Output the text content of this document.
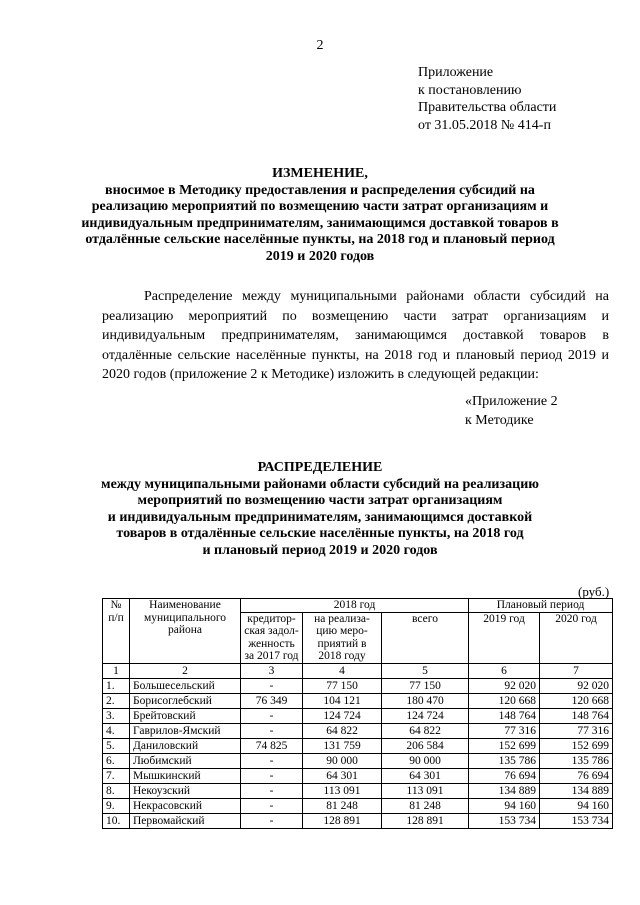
2
Приложение
к постановлению
Правительства области
от 31.05.2018 № 414-п
ИЗМЕНЕНИЕ,
вносимое в Методику предоставления и распределения субсидий на
реализацию мероприятий по возмещению части затрат организациям и
индивидуальным предпринимателям, занимающимся доставкой товаров в
отдалённые сельские населённые пункты, на 2018 год и плановый период
2019 и 2020 годов
Распределение между муниципальными районами области субсидий на реализацию мероприятий по возмещению части затрат организациям и индивидуальным предпринимателям, занимающимся доставкой товаров в отдалённые сельские населённые пункты, на 2018 год и плановый период 2019 и 2020 годов (приложение 2 к Методике) изложить в следующей редакции:
«Приложение 2
к Методике
РАСПРЕДЕЛЕНИЕ
между муниципальными районами области субсидий на реализацию
мероприятий по возмещению части затрат организациям
и индивидуальным предпринимателям, занимающимся доставкой
товаров в отдалённые сельские населённые пункты, на 2018 год
и плановый период 2019 и 2020 годов
(руб.)
№ п/п	Наименование муниципального района	2018 год			Плановый период	
		кредитор-ская задол-женность за 2017 год	на реализа-цию меро-приятий в 2018 году	всего	2019 год	2020 год
1	2	3	4	5	6	7
1.	Большесельский	-	77 150	77 150	92 020	92 020
2.	Борисоглебский	76 349	104 121	180 470	120 668	120 668
3.	Брейтовский	-	124 724	124 724	148 764	148 764
4.	Гаврилов-Ямский	-	64 822	64 822	77 316	77 316
5.	Даниловский	74 825	131 759	206 584	152 699	152 699
6.	Любимский	-	90 000	90 000	135 786	135 786
7.	Мышкинский	-	64 301	64 301	76 694	76 694
8.	Некоузский	-	113 091	113 091	134 889	134 889
9.	Некрасовский	-	81 248	81 248	94 160	94 160
10.	Первомайский	-	128 891	128 891	153 734	153 734
